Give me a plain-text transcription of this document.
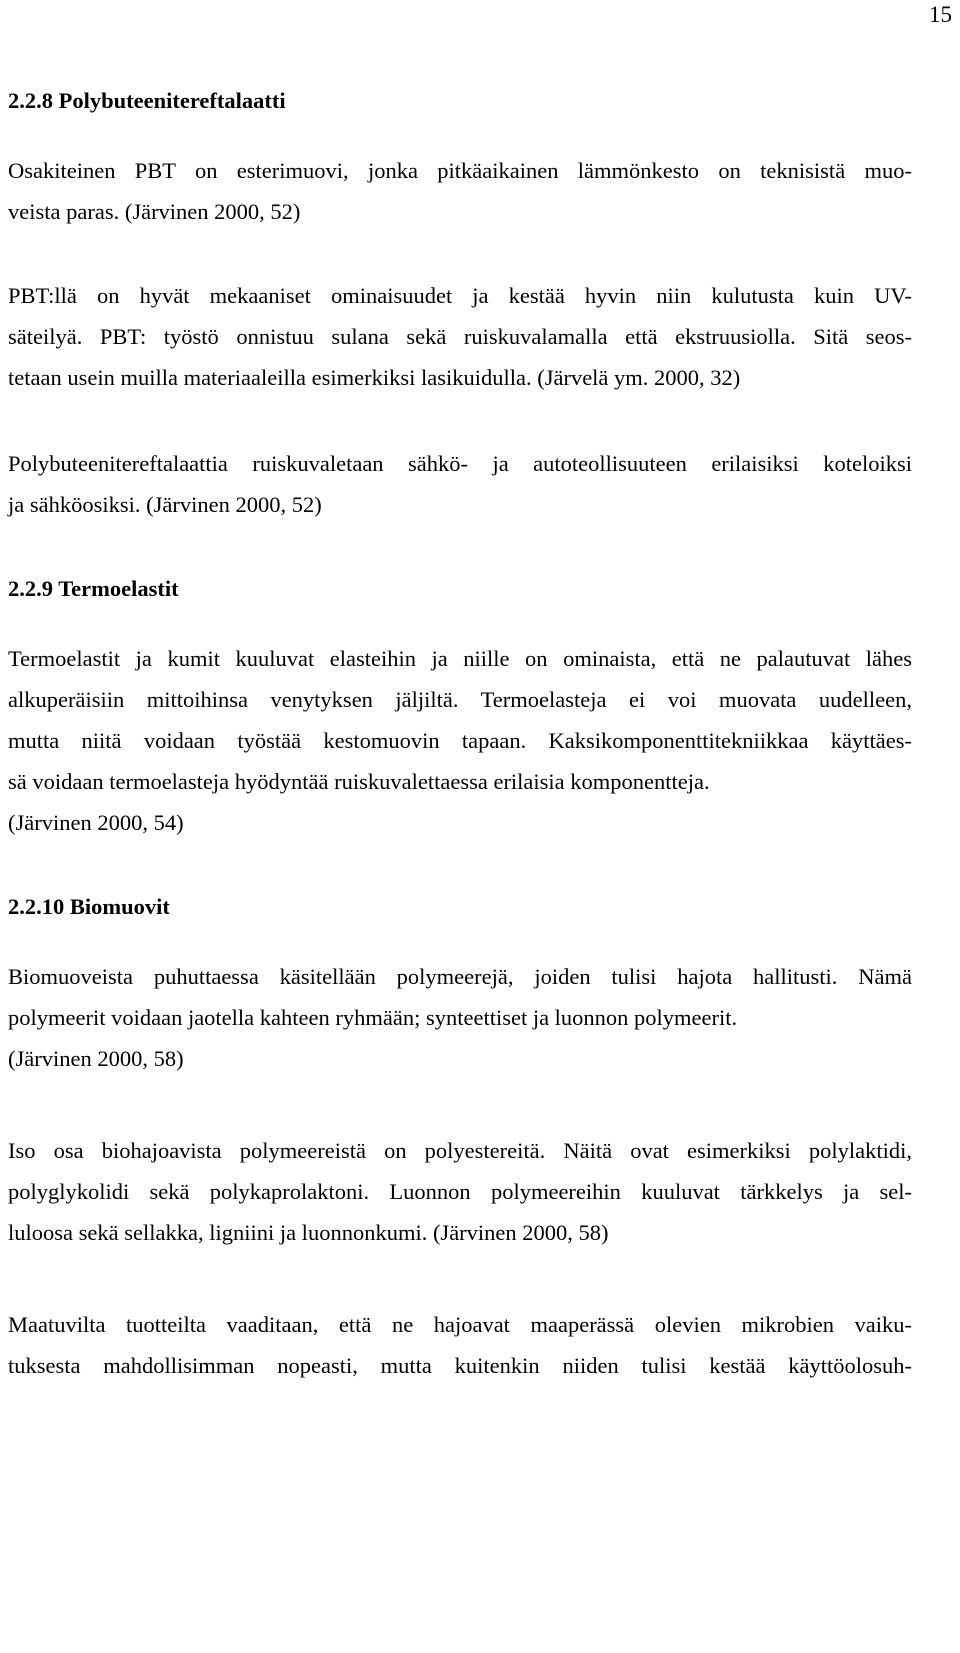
15
2.2.8 Polybuteenitereftalaatti
Osakiteinen PBT on esterimuovi, jonka pitkäaikainen lämmönkesto on teknisistä muo-
veista paras. (Järvinen 2000, 52)
PBT:llä on hyvät mekaaniset ominaisuudet ja kestää hyvin niin kulutusta kuin UV-
säteilyä. PBT: työstö onnistuu sulana sekä ruiskuvalamalla että ekstruusiolla. Sitä seos-
tetaan usein muilla materiaaleilla esimerkiksi lasikuidulla. (Järvelä ym. 2000, 32)
Polybuteenitereftalaattia ruiskuvaletaan sähkö- ja autoteollisuuteen erilaisiksi koteloiksi
ja sähköosiksi. (Järvinen 2000, 52)
2.2.9 Termoelastit
Termoelastit ja kumit kuuluvat elasteihin ja niille on ominaista, että ne palautuvat lähes
alkuperäisiin mittoihinsa venytyksen jäljiltä. Termoelasteja ei voi muovata uudelleen,
mutta niitä voidaan työstää kestomuovin tapaan. Kaksikomponenttitekniikkaa käyttäes-
sä voidaan termoelasteja hyödyntää ruiskuvalettaessa erilaisia komponentteja.
(Järvinen 2000, 54)
2.2.10 Biomuovit
Biomuoveista puhuttaessa käsitellään polymeerejä, joiden tulisi hajota hallitusti. Nämä
polymeerit voidaan jaotella kahteen ryhmään; synteettiset ja luonnon polymeerit.
(Järvinen 2000, 58)
Iso osa biohajoavista polymeereistä on polyestereitä. Näitä ovat esimerkiksi polylaktidi,
polyglykolidi sekä polykaprolaktoni. Luonnon polymeereihin kuuluvat tärkkelys ja sel-
luloosa sekä sellakka, ligniini ja luonnonkumi. (Järvinen 2000, 58)
Maatuvilta tuotteilta vaaditaan, että ne hajoavat maaperässä olevien mikrobien vaiku-
tuksesta mahdollisimman nopeasti, mutta kuitenkin niiden tulisi kestää käyttöolosuh-
